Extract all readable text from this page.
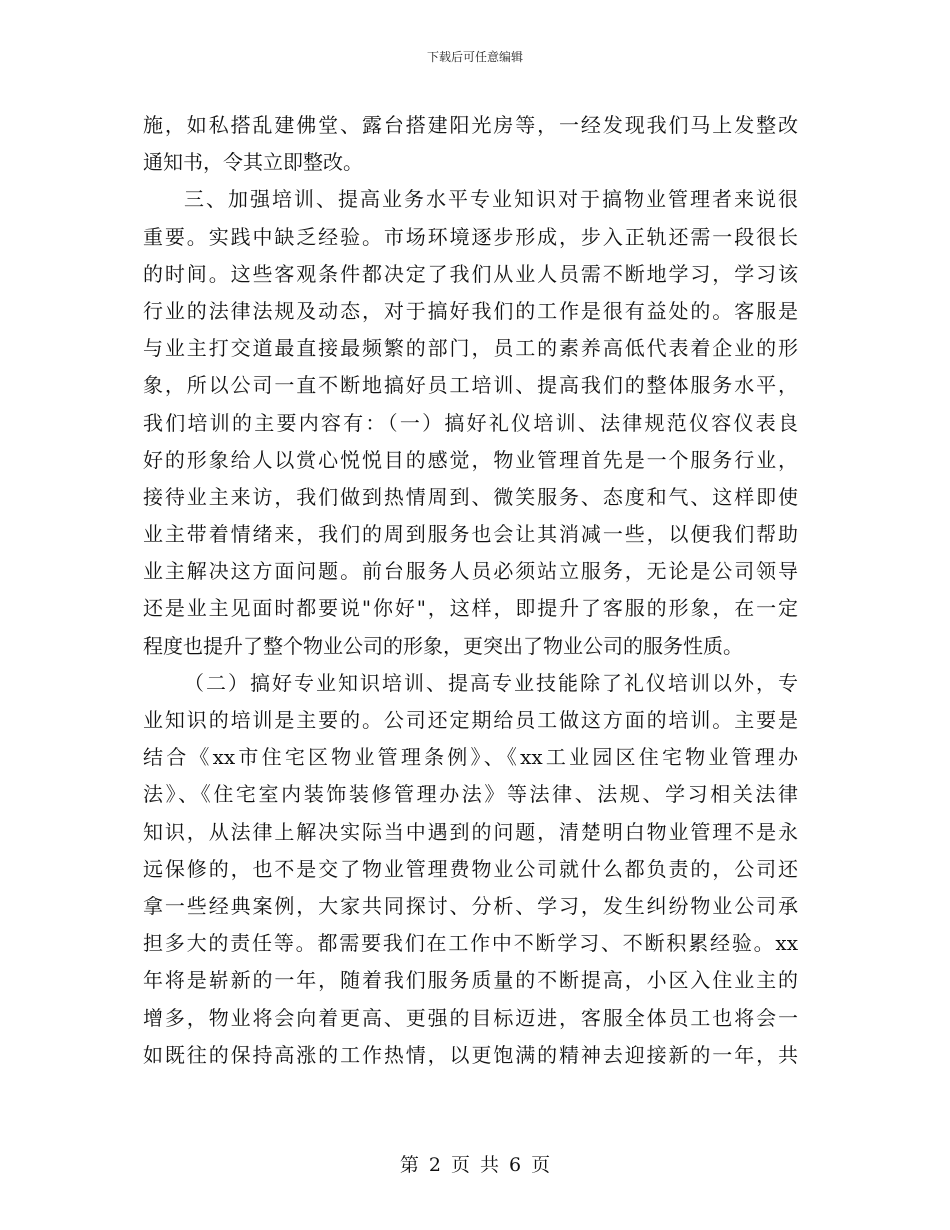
下载后可任意编辑
施，如私搭乱建佛堂、露台搭建阳光房等，一经发现我们马上发整改
通知书，令其立即整改。
三、加强培训、提高业务水平专业知识对于搞物业管理者来说很
重要。实践中缺乏经验。市场环境逐步形成，步入正轨还需一段很长
的时间。这些客观条件都决定了我们从业人员需不断地学习，学习该
行业的法律法规及动态，对于搞好我们的工作是很有益处的。客服是
与业主打交道最直接最频繁的部门，员工的素养高低代表着企业的形
象，所以公司一直不断地搞好员工培训、提高我们的整体服务水平，
我们培训的主要内容有：（一）搞好礼仪培训、法律规范仪容仪表良
好的形象给人以赏心悦悦目的感觉，物业管理首先是一个服务行业，
接待业主来访，我们做到热情周到、微笑服务、态度和气、这样即使
业主带着情绪来，我们的周到服务也会让其消减一些，以便我们帮助
业主解决这方面问题。前台服务人员必须站立服务，无论是公司领导
还是业主见面时都要说"你好"，这样，即提升了客服的形象，在一定
程度也提升了整个物业公司的形象，更突出了物业公司的服务性质。
（二）搞好专业知识培训、提高专业技能除了礼仪培训以外，专
业知识的培训是主要的。公司还定期给员工做这方面的培训。主要是
结合《xx市住宅区物业管理条例》、《xx工业园区住宅物业管理办
法》、《住宅室内装饰装修管理办法》等法律、法规、学习相关法律
知识，从法律上解决实际当中遇到的问题，清楚明白物业管理不是永
远保修的，也不是交了物业管理费物业公司就什么都负责的，公司还
拿一些经典案例，大家共同探讨、分析、学习，发生纠纷物业公司承
担多大的责任等。都需要我们在工作中不断学习、不断积累经验。xx
年将是崭新的一年，随着我们服务质量的不断提高，小区入住业主的
增多，物业将会向着更高、更强的目标迈进，客服全体员工也将会一
如既往的保持高涨的工作热情，以更饱满的精神去迎接新的一年，共
第 2 页 共 6 页
